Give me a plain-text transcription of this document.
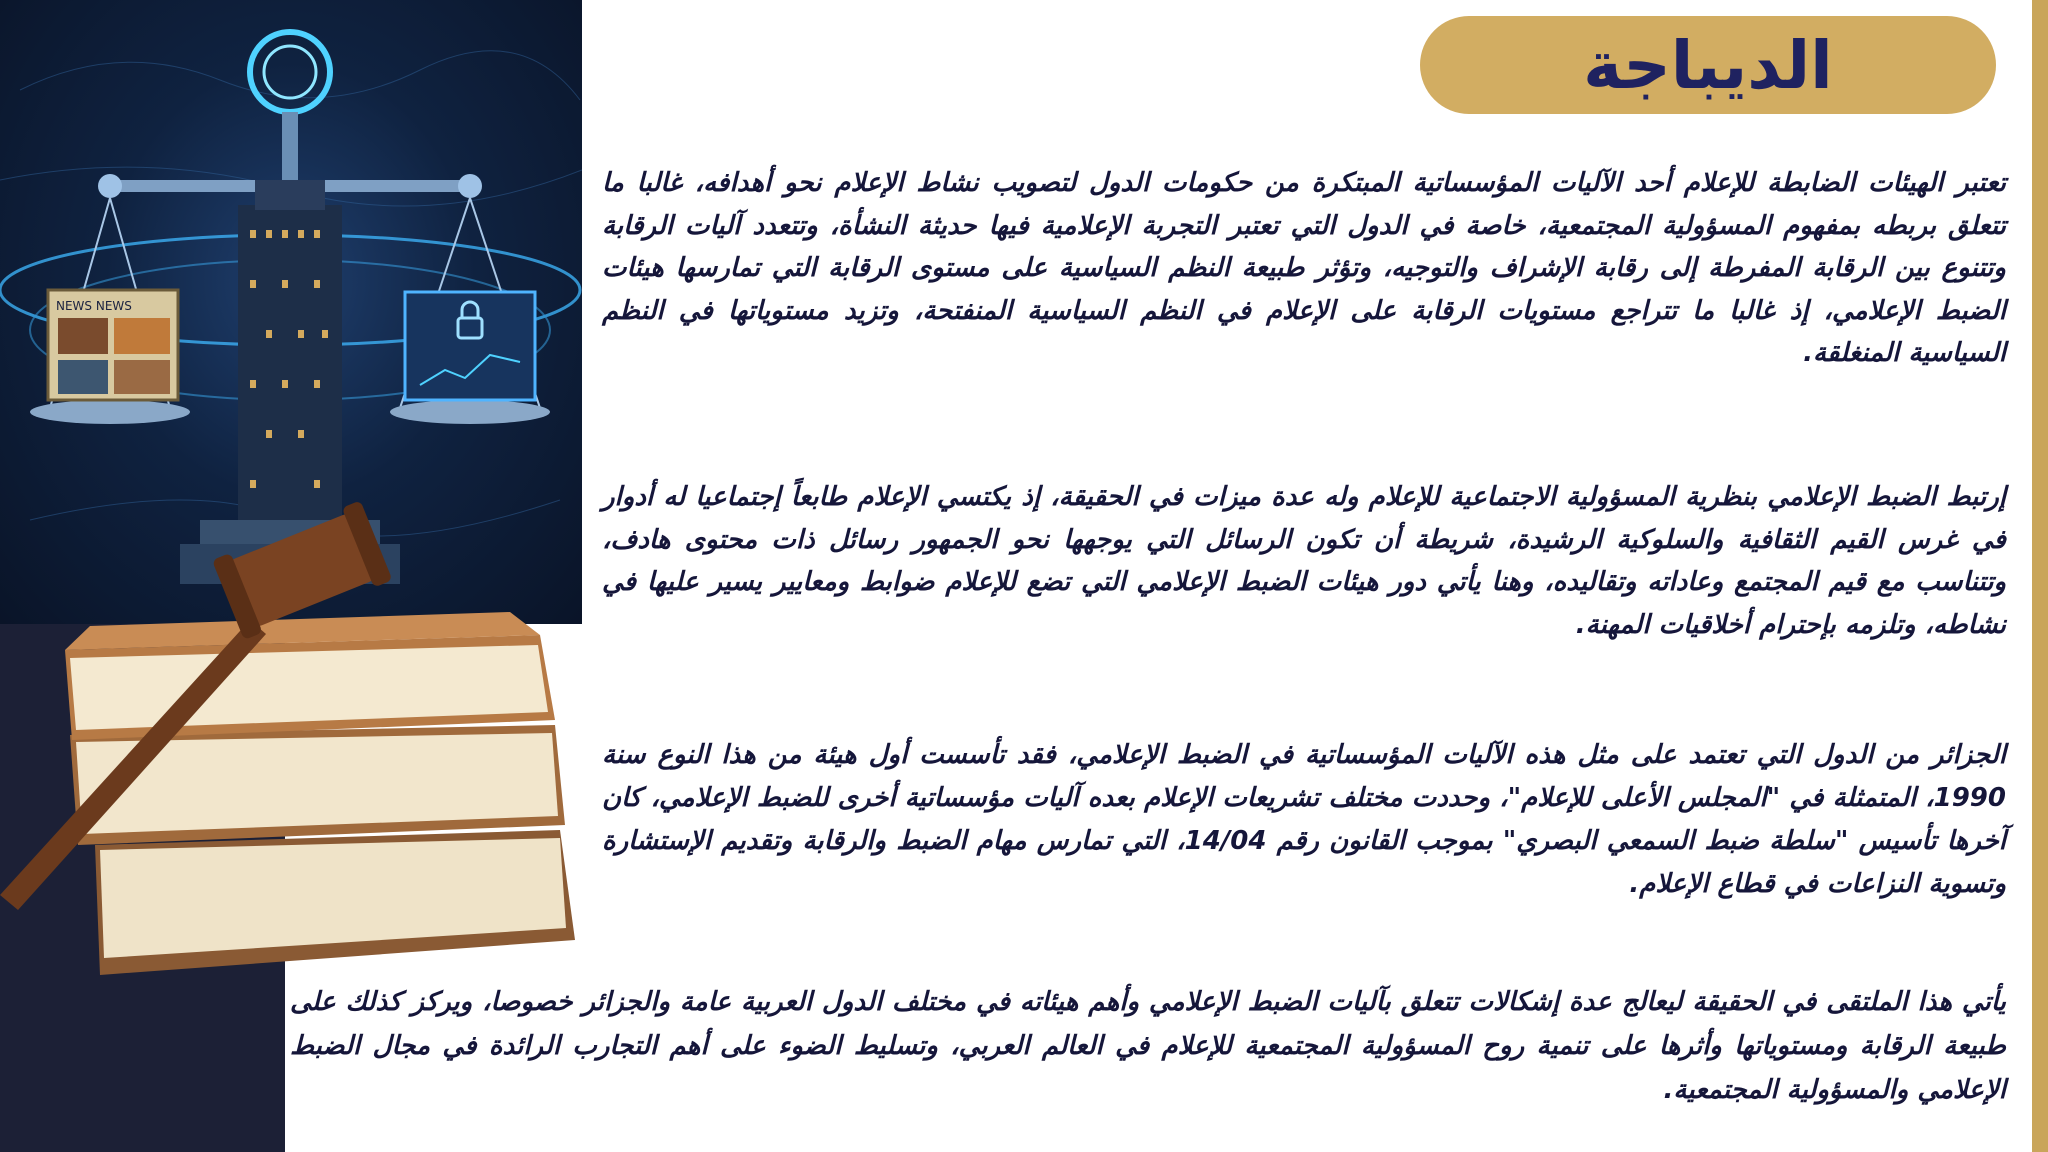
NEWS NEWS
الديباجة

تعتبر الهيئات الضابطة للإعلام أحد الآليات المؤسساتية المبتكرة من حكومات الدول لتصويب نشاط الإعلام نحو أهدافه، غالبا ما تتعلق بربطه بمفهوم المسؤولية المجتمعية، خاصة في الدول التي تعتبر التجربة الإعلامية فيها حديثة النشأة، وتتعدد آليات الرقابة وتتنوع بين الرقابة المفرطة إلى رقابة الإشراف والتوجيه، وتؤثر طبيعة النظم السياسية على مستوى الرقابة التي تمارسها هيئات الضبط الإعلامي، إذ غالبا ما تتراجع مستويات الرقابة على الإعلام في النظم السياسية المنفتحة، وتزيد مستوياتها في النظم السياسية المنغلقة.

إرتبط الضبط الإعلامي بنظرية المسؤولية الاجتماعية للإعلام وله عدة ميزات في الحقيقة، إذ يكتسي الإعلام طابعاً إجتماعيا له أدوار في غرس القيم الثقافية والسلوكية الرشيدة، شريطة أن تكون الرسائل التي يوجهها نحو الجمهور رسائل ذات محتوى هادف، وتتناسب مع قيم المجتمع وعاداته وتقاليده، وهنا يأتي دور هيئات الضبط الإعلامي التي تضع للإعلام ضوابط ومعايير يسير عليها في نشاطه، وتلزمه بإحترام أخلاقيات المهنة.

الجزائر من الدول التي تعتمد على مثل هذه الآليات المؤسساتية في الضبط الإعلامي، فقد تأسست أول هيئة من هذا النوع سنة 1990، المتمثلة في "المجلس الأعلى للإعلام"، وحددت مختلف تشريعات الإعلام بعده آليات مؤسساتية أخرى للضبط الإعلامي، كان آخرها تأسيس "سلطة ضبط السمعي البصري" بموجب القانون رقم 14/04، التي تمارس مهام الضبط والرقابة وتقديم الإستشارة وتسوية النزاعات في قطاع الإعلام.

يأتي هذا الملتقى في الحقيقة ليعالج عدة إشكالات تتعلق بآليات الضبط الإعلامي وأهم هيئاته في مختلف الدول العربية عامة والجزائر خصوصا، ويركز كذلك على طبيعة الرقابة ومستوياتها وأثرها على تنمية روح المسؤولية المجتمعية للإعلام في العالم العربي، وتسليط الضوء على أهم التجارب الرائدة في مجال الضبط الإعلامي والمسؤولية المجتمعية.
